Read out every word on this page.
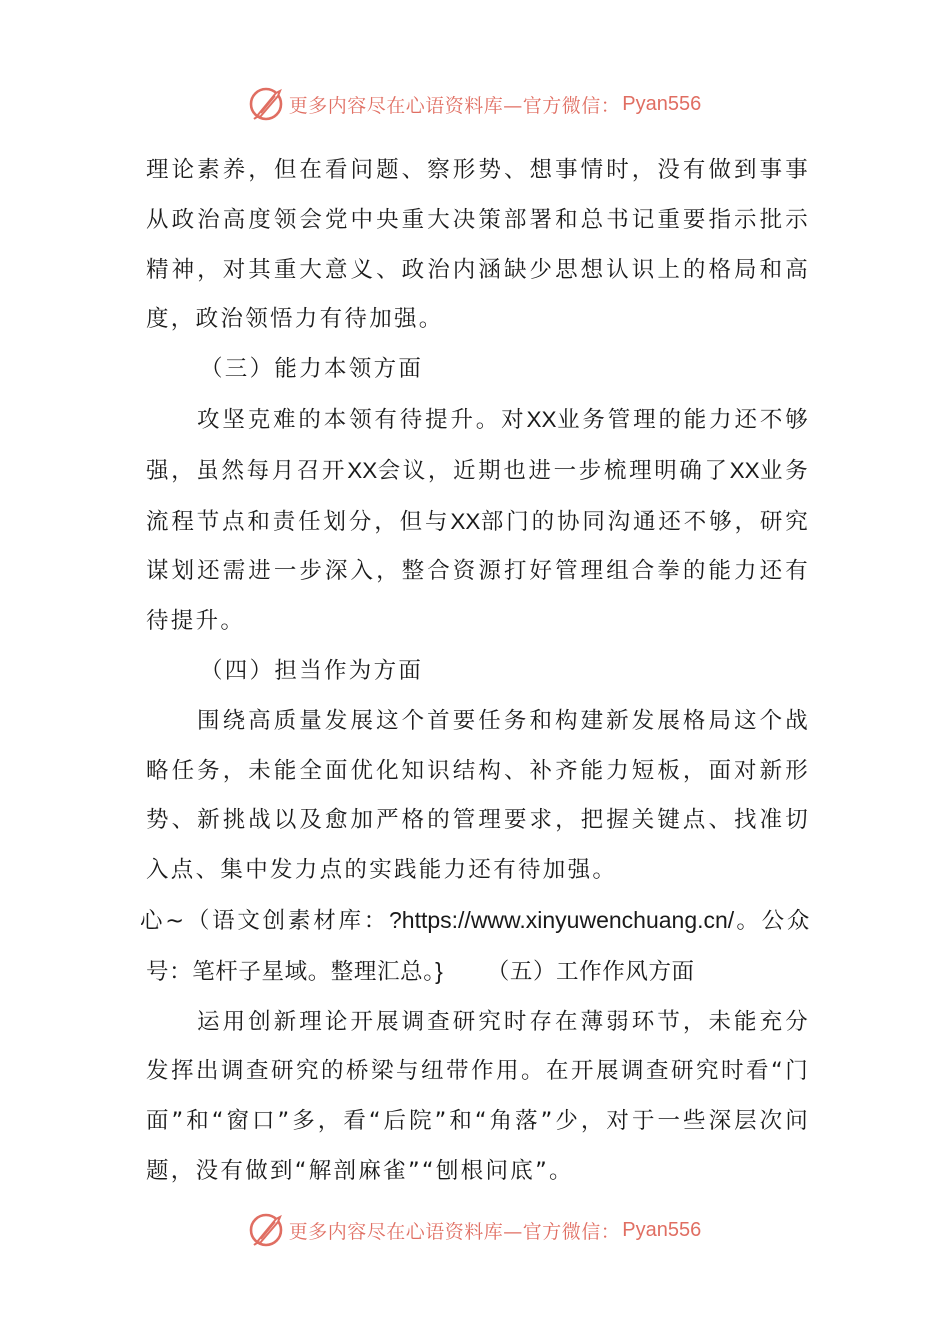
更多内容尽在心语资料库—官方微信： Pyan556

理论素养，但在看问题、察形势、想事情时，没有做到事事从政治高度领会党中央重大决策部署和总书记重要指示批示精神，对其重大意义、政治内涵缺少思想认识上的格局和高度，政治领悟力有待加强。

（三）能力本领方面

攻坚克难的本领有待提升。对XX业务管理的能力还不够强，虽然每月召开XX会议，近期也进一步梳理明确了XX业务流程节点和责任划分，但与XX部门的协同沟通还不够，研究谋划还需进一步深入，整合资源打好管理组合拳的能力还有待提升。

（四）担当作为方面

围绕高质量发展这个首要任务和构建新发展格局这个战略任务，未能全面优化知识结构、补齐能力短板，面对新形势、新挑战以及愈加严格的管理要求，把握关键点、找准切入点、集中发力点的实践能力还有待加强。

心~（语文创素材库：?https://www.xinyuwenchuang.cn/。公众号：笔杆子星域。整理汇总。} （五）工作作风方面

运用创新理论开展调查研究时存在薄弱环节，未能充分发挥出调查研究的桥梁与纽带作用。在开展调查研究时看“门面”和“窗口”多，看“后院”和“角落”少，对于一些深层次问题，没有做到“解剖麻雀”“刨根问底”。

更多内容尽在心语资料库—官方微信： Pyan556
